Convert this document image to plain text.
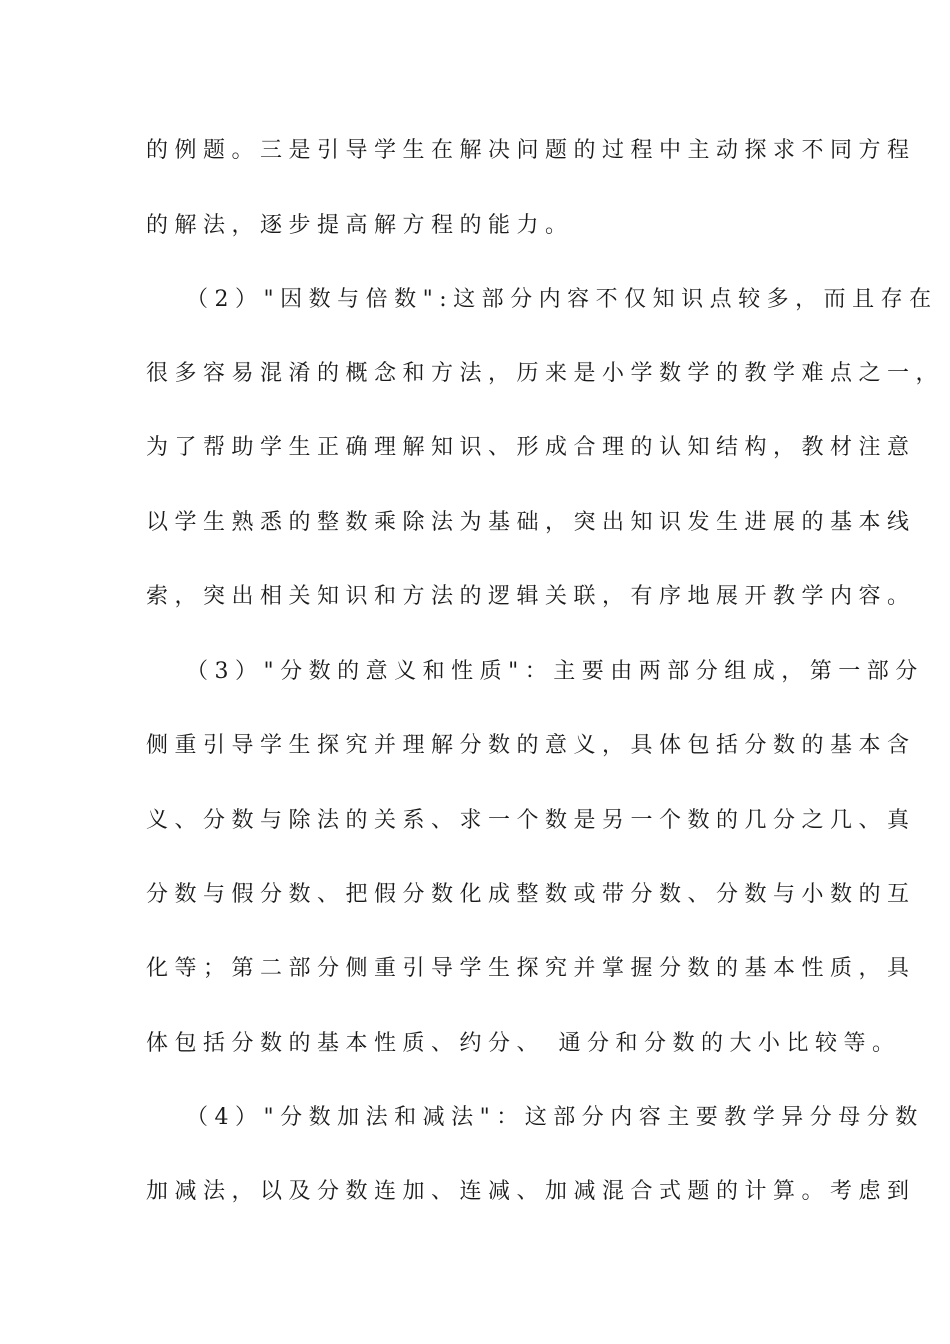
的例题。三是引导学生在解决问题的过程中主动探求不同方程
的解法，逐步提高解方程的能力。
（2）"因数与倍数":这部分内容不仅知识点较多，而且存在
很多容易混淆的概念和方法，历来是小学数学的教学难点之一，
为了帮助学生正确理解知识、形成合理的认知结构，教材注意
以学生熟悉的整数乘除法为基础，突出知识发生进展的基本线
索，突出相关知识和方法的逻辑关联，有序地展开教学内容。
（3）"分数的意义和性质"：主要由两部分组成，第一部分
侧重引导学生探究并理解分数的意义，具体包括分数的基本含
义、分数与除法的关系、求一个数是另一个数的几分之几、真
分数与假分数、把假分数化成整数或带分数、分数与小数的互
化等；第二部分侧重引导学生探究并掌握分数的基本性质，具
体包括分数的基本性质、约分、 通分和分数的大小比较等。
（4）"分数加法和减法"：这部分内容主要教学异分母分数
加减法，以及分数连加、连减、加减混合式题的计算。考虑到
